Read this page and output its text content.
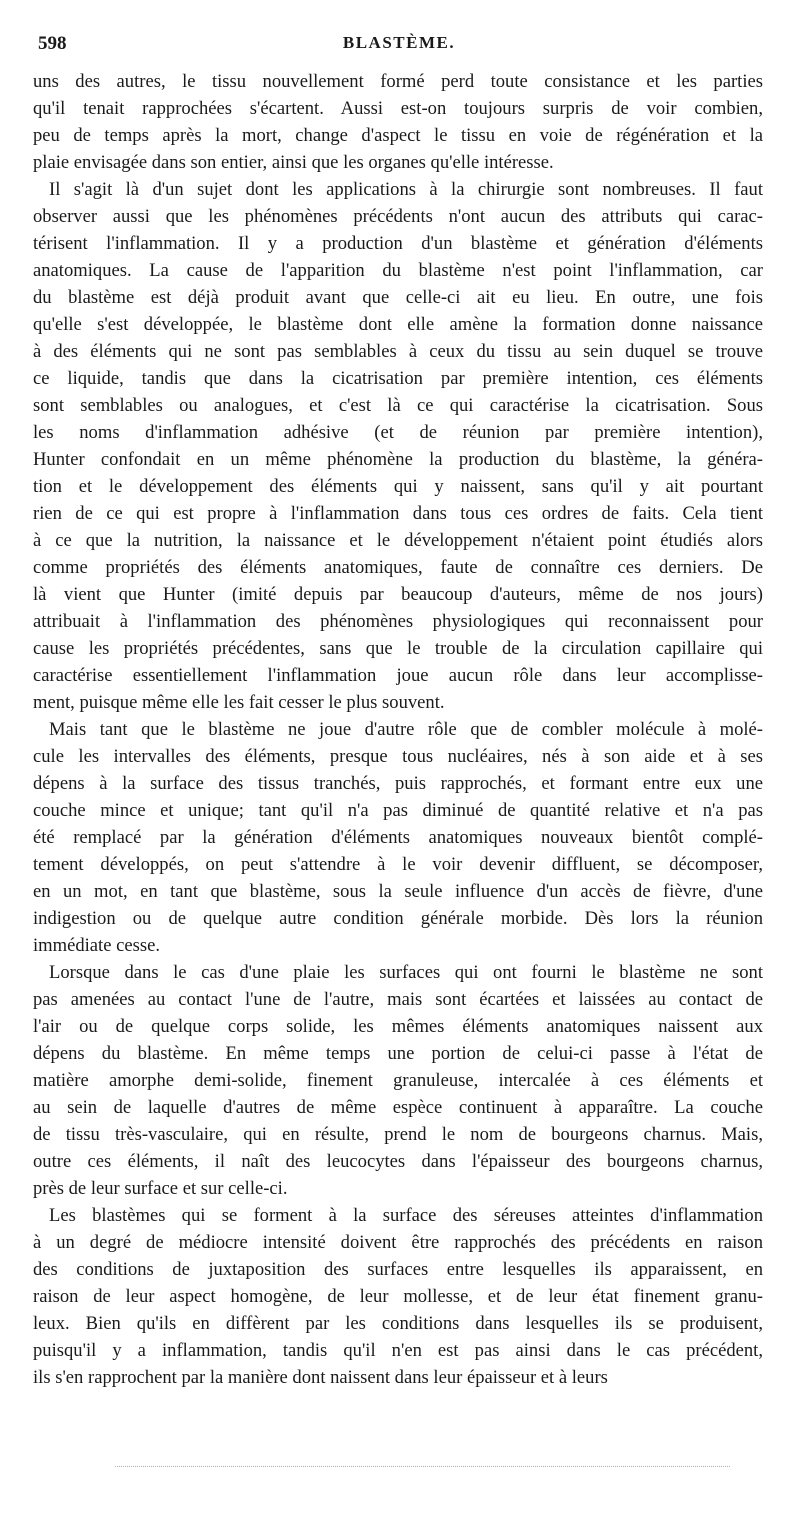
598	BLASTÈME.
uns des autres, le tissu nouvellement formé perd toute consistance et les parties
qu'il tenait rapprochées s'écartent. Aussi est-on toujours surpris de voir combien,
peu de temps après la mort, change d'aspect le tissu en voie de régénération et la
plaie envisagée dans son entier, ainsi que les organes qu'elle intéresse.
Il s'agit là d'un sujet dont les applications à la chirurgie sont nombreuses. Il faut
observer aussi que les phénomènes précédents n'ont aucun des attributs qui carac-
térisent l'inflammation. Il y a production d'un blastème et génération d'éléments
anatomiques. La cause de l'apparition du blastème n'est point l'inflammation, car
du blastème est déjà produit avant que celle-ci ait eu lieu. En outre, une fois
qu'elle s'est développée, le blastème dont elle amène la formation donne naissance
à des éléments qui ne sont pas semblables à ceux du tissu au sein duquel se trouve
ce liquide, tandis que dans la cicatrisation par première intention, ces éléments
sont semblables ou analogues, et c'est là ce qui caractérise la cicatrisation. Sous
les noms d'inflammation adhésive (et de réunion par première intention),
Hunter confondait en un même phénomène la production du blastème, la généra-
tion et le développement des éléments qui y naissent, sans qu'il y ait pourtant
rien de ce qui est propre à l'inflammation dans tous ces ordres de faits. Cela tient
à ce que la nutrition, la naissance et le développement n'étaient point étudiés alors
comme propriétés des éléments anatomiques, faute de connaître ces derniers. De
là vient que Hunter (imité depuis par beaucoup d'auteurs, même de nos jours)
attribuait à l'inflammation des phénomènes physiologiques qui reconnaissent pour
cause les propriétés précédentes, sans que le trouble de la circulation capillaire qui
caractérise essentiellement l'inflammation joue aucun rôle dans leur accomplisse-
ment, puisque même elle les fait cesser le plus souvent.
Mais tant que le blastème ne joue d'autre rôle que de combler molécule à molé-
cule les intervalles des éléments, presque tous nucléaires, nés à son aide et à ses
dépens à la surface des tissus tranchés, puis rapprochés, et formant entre eux une
couche mince et unique; tant qu'il n'a pas diminué de quantité relative et n'a pas
été remplacé par la génération d'éléments anatomiques nouveaux bientôt complé-
tement développés, on peut s'attendre à le voir devenir diffluent, se décomposer,
en un mot, en tant que blastème, sous la seule influence d'un accès de fièvre, d'une
indigestion ou de quelque autre condition générale morbide. Dès lors la réunion
immédiate cesse.
Lorsque dans le cas d'une plaie les surfaces qui ont fourni le blastème ne sont
pas amenées au contact l'une de l'autre, mais sont écartées et laissées au contact de
l'air ou de quelque corps solide, les mêmes éléments anatomiques naissent aux
dépens du blastème. En même temps une portion de celui-ci passe à l'état de
matière amorphe demi-solide, finement granuleuse, intercalée à ces éléments et
au sein de laquelle d'autres de même espèce continuent à apparaître. La couche
de tissu très-vasculaire, qui en résulte, prend le nom de bourgeons charnus. Mais,
outre ces éléments, il naît des leucocytes dans l'épaisseur des bourgeons charnus,
près de leur surface et sur celle-ci.
Les blastèmes qui se forment à la surface des séreuses atteintes d'inflammation
à un degré de médiocre intensité doivent être rapprochés des précédents en raison
des conditions de juxtaposition des surfaces entre lesquelles ils apparaissent, en
raison de leur aspect homogène, de leur mollesse, et de leur état finement granu-
leux. Bien qu'ils en diffèrent par les conditions dans lesquelles ils se produisent,
puisqu'il y a inflammation, tandis qu'il n'en est pas ainsi dans le cas précédent,
ils s'en rapprochent par la manière dont naissent dans leur épaisseur et à leurs
